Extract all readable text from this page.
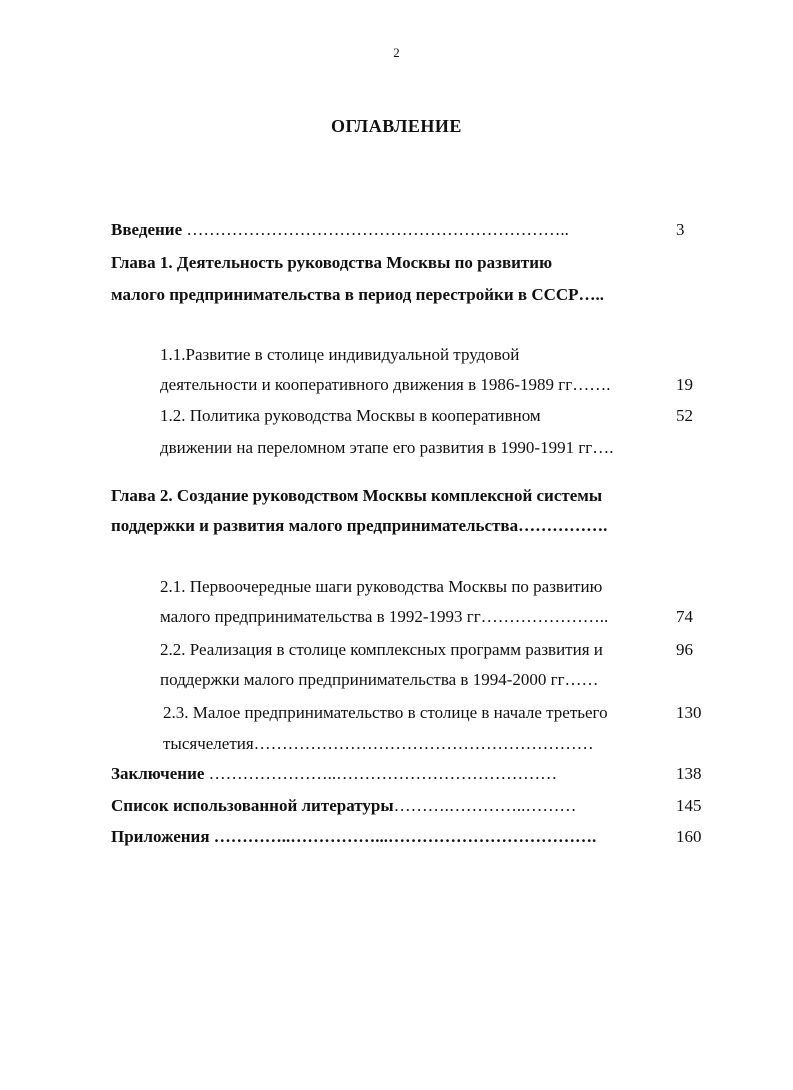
2
ОГЛАВЛЕНИЕ
Введение …………………………………………………………..	3
Глава 1. Деятельность руководства Москвы по развитию
малого предпринимательства в период перестройки в СССР…..
1.1.Развитие в столице индивидуальной трудовой
деятельности и кооперативного движения в 1986-1989 гг…….	19
1.2. Политика руководства Москвы в кооперативном	52
движении на переломном этапе его развития в 1990-1991 гг….
Глава 2. Создание руководством Москвы комплексной системы
поддержки и развития малого предпринимательства…………….
2.1. Первоочередные шаги руководства Москвы по развитию
малого предпринимательства в 1992-1993 гг…………………..	74
2.2. Реализация в столице комплексных программ развития и	96
поддержки малого предпринимательства в 1994-2000 гг……
2.3. Малое предпринимательство в столице в начале третьего	130
тысячелетия……………………………………………………
Заключение …………………..…………………………………	138
Список использованной литературы……….…………..………	145
Приложения …………..……………...……………………………….	160
